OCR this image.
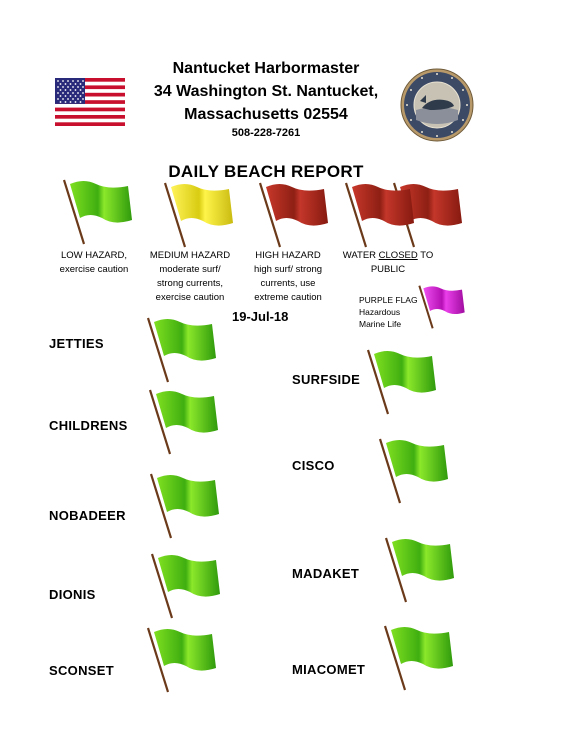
Nantucket Harbormaster
34 Washington St. Nantucket,
Massachusetts 02554
508-228-7261
DAILY BEACH REPORT
LOW HAZARD,
exercise caution
MEDIUM HAZARD
moderate surf/
strong currents,
exercise caution
HIGH HAZARD
high surf/ strong
currents, use
extreme caution
WATER CLOSED TO
PUBLIC
19-Jul-18
PURPLE FLAG
Hazardous
Marine Life
JETTIES
CHILDRENS
NOBADEER
DIONIS
SCONSET
SURFSIDE
CISCO
MADAKET
MIACOMET
